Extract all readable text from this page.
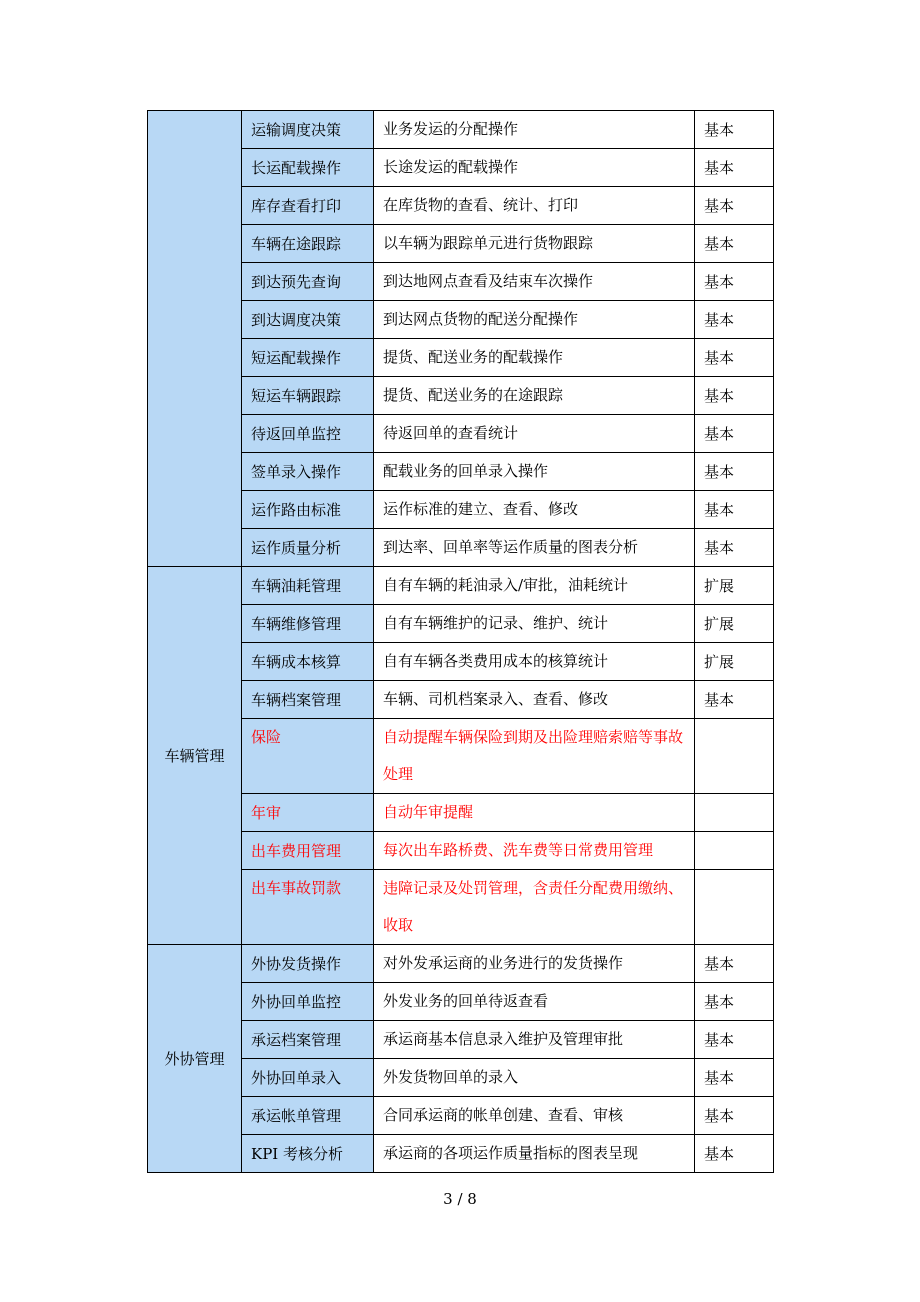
	运输调度决策	业务发运的分配操作	基本
	长运配载操作	长途发运的配载操作	基本
	库存查看打印	在库货物的查看、统计、打印	基本
	车辆在途跟踪	以车辆为跟踪单元进行货物跟踪	基本
	到达预先查询	到达地网点查看及结束车次操作	基本
	到达调度决策	到达网点货物的配送分配操作	基本
	短运配载操作	提货、配送业务的配载操作	基本
	短运车辆跟踪	提货、配送业务的在途跟踪	基本
	待返回单监控	待返回单的查看统计	基本
	签单录入操作	配载业务的回单录入操作	基本
	运作路由标准	运作标准的建立、查看、修改	基本
	运作质量分析	到达率、回单率等运作质量的图表分析	基本
车辆管理	车辆油耗管理	自有车辆的耗油录入/审批，油耗统计	扩展
	车辆维修管理	自有车辆维护的记录、维护、统计	扩展
	车辆成本核算	自有车辆各类费用成本的核算统计	扩展
	车辆档案管理	车辆、司机档案录入、查看、修改	基本
	保险	自动提醒车辆保险到期及出险理赔索赔等事故处理	
	年审	自动年审提醒	
	出车费用管理	每次出车路桥费、洗车费等日常费用管理	
	出车事故罚款	违障记录及处罚管理，含责任分配费用缴纳、收取	
外协管理	外协发货操作	对外发承运商的业务进行的发货操作	基本
	外协回单监控	外发业务的回单待返查看	基本
	承运档案管理	承运商基本信息录入维护及管理审批	基本
	外协回单录入	外发货物回单的录入	基本
	承运帐单管理	合同承运商的帐单创建、查看、审核	基本
	KPI 考核分析	承运商的各项运作质量指标的图表呈现	基本
3 / 8
